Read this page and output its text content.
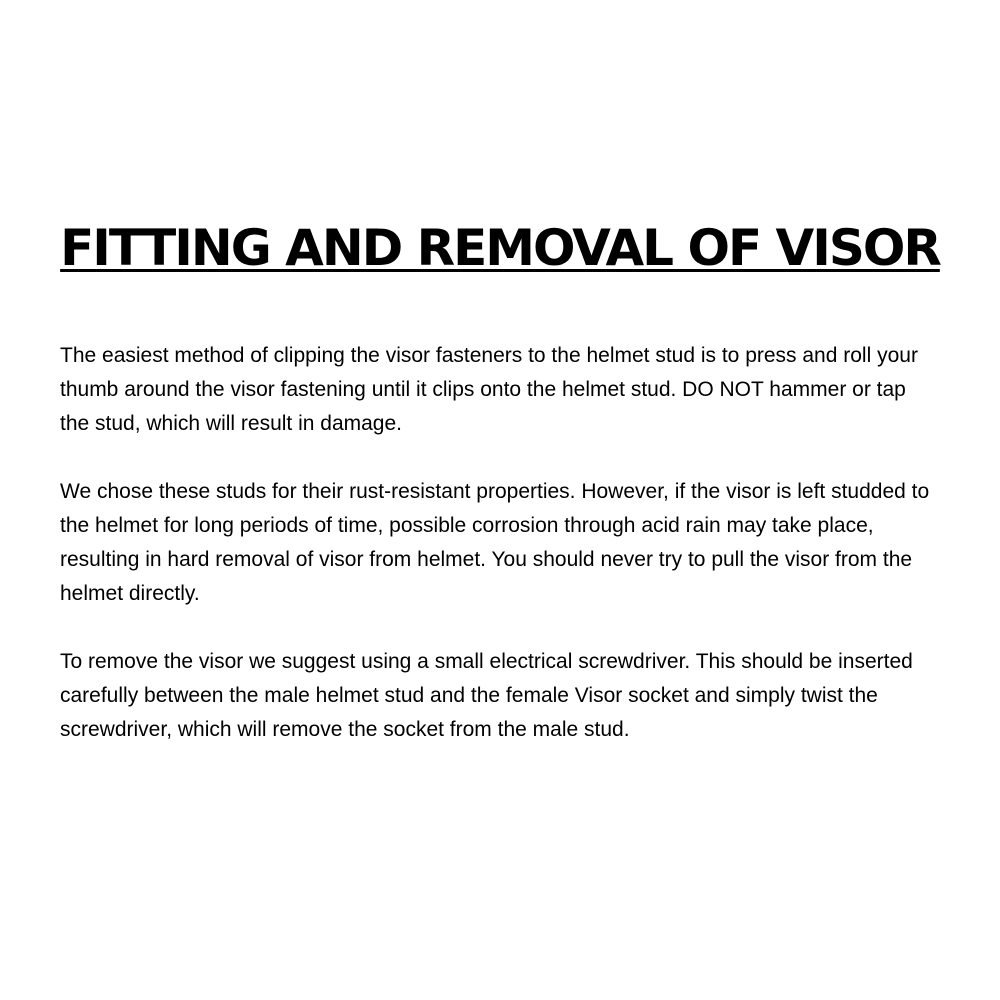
FITTING AND REMOVAL OF VISOR

The easiest method of clipping the visor fasteners to the helmet stud is to press and roll your thumb around the visor fastening until it clips onto the helmet stud. DO NOT hammer or tap the stud, which will result in damage.

We chose these studs for their rust-resistant properties. However, if the visor is left studded to the helmet for long periods of time, possible corrosion through acid rain may take place, resulting in hard removal of visor from helmet. You should never try to pull the visor from the helmet directly.

To remove the visor we suggest using a small electrical screwdriver. This should be inserted carefully between the male helmet stud and the female Visor socket and simply twist the screwdriver, which will remove the socket from the male stud.
